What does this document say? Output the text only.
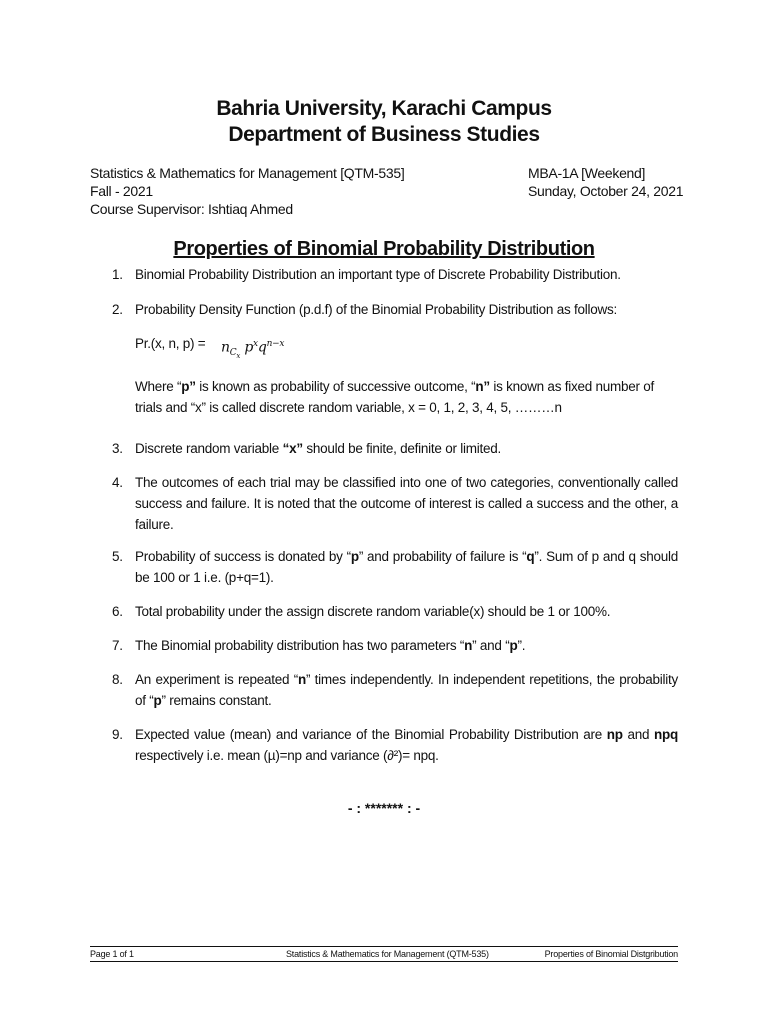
Bahria University, Karachi Campus
Department of Business Studies
Statistics & Mathematics for Management [QTM-535]
Fall - 2021
Course Supervisor: Ishtiaq Ahmed
MBA-1A [Weekend]
Sunday, October 24, 2021
Properties of Binomial Probability Distribution
1. Binomial Probability Distribution an important type of Discrete Probability Distribution.
2. Probability Density Function (p.d.f) of the Binomial Probability Distribution as follows:
Pr.(x, n, $p) = n_{C_x}$ $p^xq^{n-x}$
Where “p” is known as probability of successive outcome, “n” is known as fixed number of trials and “x” is called discrete random variable, x = 0, 1, 2, 3, 4, 5, ………n
3. Discrete random variable “x” should be finite, definite or limited.
4. The outcomes of each trial may be classified into one of two categories, conventionally called success and failure. It is noted that the outcome of interest is called a success and the other, a failure.
5. Probability of success is donated by “p” and probability of failure is “q”. Sum of p and q should be 100 or 1 i.e. (p+q=1).
6. Total probability under the assign discrete random variable(x) should be 1 or 100%.
7. The Binomial probability distribution has two parameters “n” and “p”.
8. An experiment is repeated “n” times independently. In independent repetitions, the probability of “p” remains constant.
9. Expected value (mean) and variance of the Binomial Probability Distribution are np and npq respectively i.e. mean (µ)=np and variance (∂²)= npq.
- : ******* : -
Page 1 of 1	Statistics & Mathematics for Management (QTM-535)	Properties of Binomial Distgribution
